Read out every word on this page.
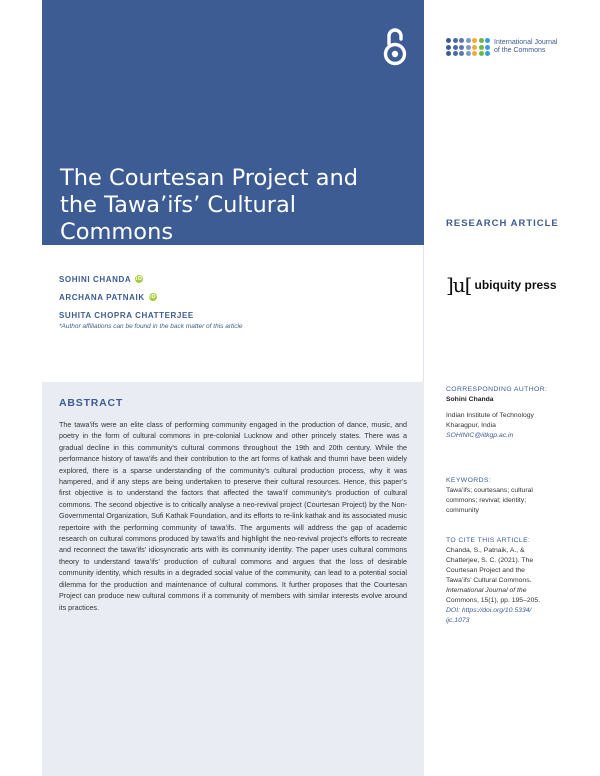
The Courtesan Project and the Tawa’ifs’ Cultural Commons
International Journal
of the Commons
RESEARCH ARTICLE
]u[ ubiquity press
SOHINI CHANDA iD
ARCHANA PATNAIK iD
SUHITA CHOPRA CHATTERJEE
*Author affiliations can be found in the back matter of this article
ABSTRACT

The tawa’ifs were an elite class of performing community engaged in the production of dance, music, and poetry in the form of cultural commons in pre-colonial Lucknow and other princely states. There was a gradual decline in this community’s cultural commons throughout the 19th and 20th century. While the performance history of tawa’ifs and their contribution to the art forms of kathak and thumri have been widely explored, there is a sparse understanding of the community’s cultural production process, why it was hampered, and if any steps are being undertaken to preserve their cultural resources. Hence, this paper’s first objective is to understand the factors that affected the tawa’if community’s production of cultural commons. The second objective is to critically analyse a neo-revival project (Courtesan Project) by the Non-Governmental Organization, Sufi Kathak Foundation, and its efforts to re-link kathak and its associated music repertoire with the performing community of tawa’ifs. The arguments will address the gap of academic research on cultural commons produced by tawa’ifs and highlight the neo-revival project’s efforts to recreate and reconnect the tawa’ifs’ idiosyncratic arts with its community identity. The paper uses cultural commons theory to understand tawa’ifs’ production of cultural commons and argues that the loss of desirable community identity, which results in a degraded social value of the community, can lead to a potential social dilemma for the production and maintenance of cultural commons. It further proposes that the Courtesan Project can produce new cultural commons if a community of members with similar interests evolve around its practices.

CORRESPONDING AUTHOR:
Sohini Chanda
Indian Institute of Technology
Kharagpur, India
SOHINIC@iitkgp.ac.in
KEYWORDS:
Tawa’ifs; courtesans; cultural
commons; revival; identity;
community
TO CITE THIS ARTICLE:
Chanda, S., Patnaik, A., &
Chatterjee, S. C. (2021). The
Courtesan Project and the
Tawa’ifs’ Cultural Commons.
International Journal of the
Commons, 15(1), pp. 195–205.
DOI: https://doi.org/10.5334/
ijc.1073
